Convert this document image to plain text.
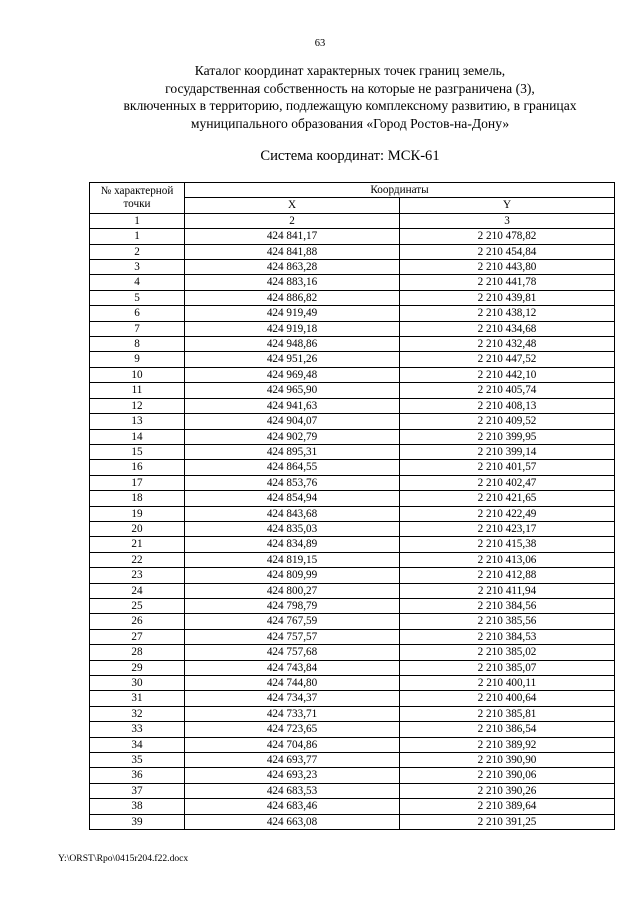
63
Каталог координат характерных точек границ земель,
государственная собственность на которые не разграничена (3),
включенных в территорию, подлежащую комплексному развитию, в границах
муниципального образования «Город Ростов-на-Дону»
Система координат: МСК-61
№ характерной
точки	Координаты	
	X	Y
1	2	3
1	424 841,17	2 210 478,82
2	424 841,88	2 210 454,84
3	424 863,28	2 210 443,80
4	424 883,16	2 210 441,78
5	424 886,82	2 210 439,81
6	424 919,49	2 210 438,12
7	424 919,18	2 210 434,68
8	424 948,86	2 210 432,48
9	424 951,26	2 210 447,52
10	424 969,48	2 210 442,10
11	424 965,90	2 210 405,74
12	424 941,63	2 210 408,13
13	424 904,07	2 210 409,52
14	424 902,79	2 210 399,95
15	424 895,31	2 210 399,14
16	424 864,55	2 210 401,57
17	424 853,76	2 210 402,47
18	424 854,94	2 210 421,65
19	424 843,68	2 210 422,49
20	424 835,03	2 210 423,17
21	424 834,89	2 210 415,38
22	424 819,15	2 210 413,06
23	424 809,99	2 210 412,88
24	424 800,27	2 210 411,94
25	424 798,79	2 210 384,56
26	424 767,59	2 210 385,56
27	424 757,57	2 210 384,53
28	424 757,68	2 210 385,02
29	424 743,84	2 210 385,07
30	424 744,80	2 210 400,11
31	424 734,37	2 210 400,64
32	424 733,71	2 210 385,81
33	424 723,65	2 210 386,54
34	424 704,86	2 210 389,92
35	424 693,77	2 210 390,90
36	424 693,23	2 210 390,06
37	424 683,53	2 210 390,26
38	424 683,46	2 210 389,64
39	424 663,08	2 210 391,25
Y:\ORST\Rpo\0415r204.f22.docx
